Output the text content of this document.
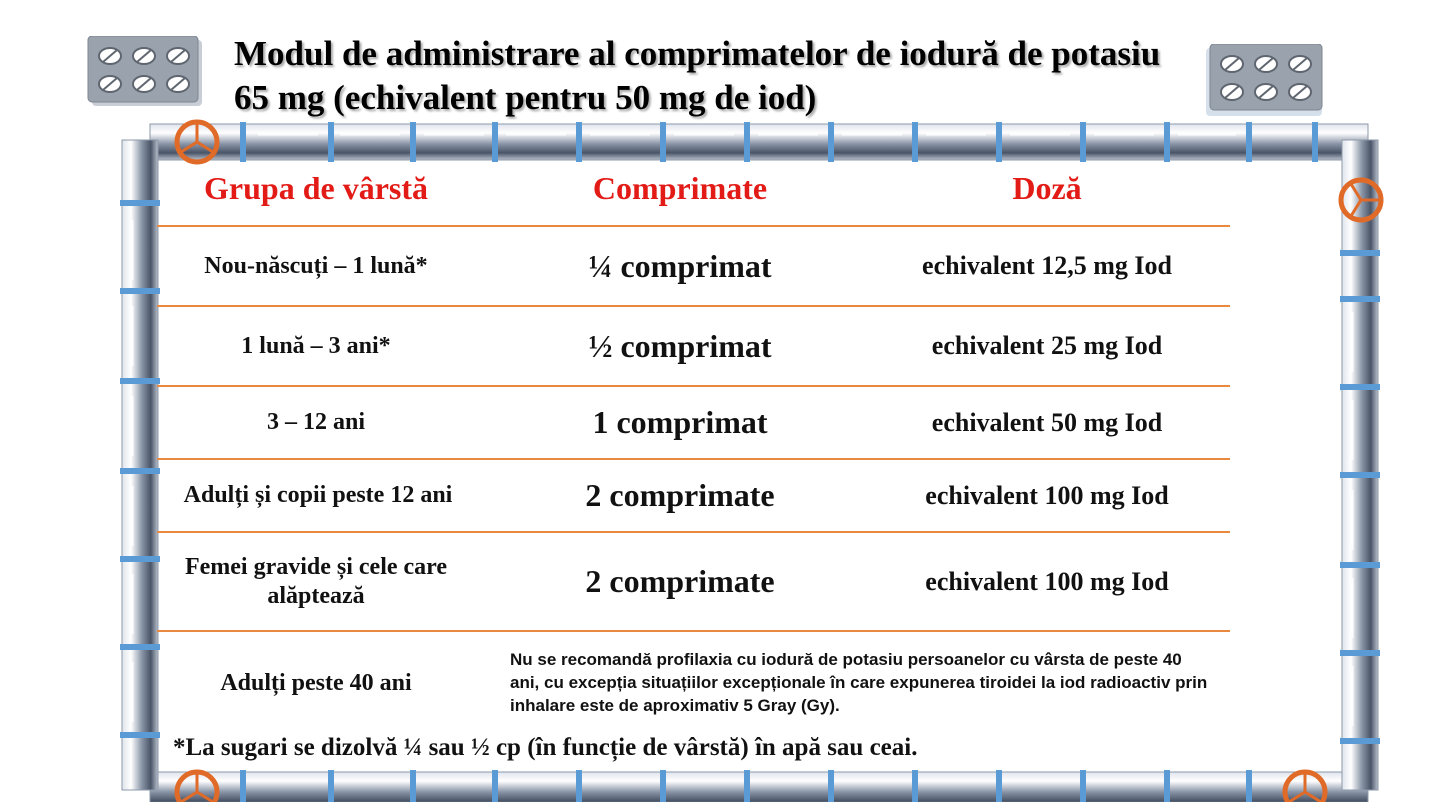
Modul de administrare al comprimatelor de iodură de potasiu 65 mg (echivalent pentru 50 mg de iod)
Grupa de vârstă	Comprimate	Doză
Nou-născuți – 1 lună*	¼ comprimat	echivalent 12,5 mg Iod
1 lună – 3 ani*	½ comprimat	echivalent 25 mg Iod
3 – 12 ani	1 comprimat	echivalent 50 mg Iod
Adulți și copii peste 12 ani	2 comprimate	echivalent 100 mg Iod
Femei gravide și cele care alăptează	2 comprimate	echivalent 100 mg Iod
Adulți peste 40 ani
Nu se recomandă profilaxia cu iodură de potasiu persoanelor cu vârsta de peste 40 ani, cu excepția situațiilor excepționale în care expunerea tiroidei la iod radioactiv prin inhalare este de aproximativ 5 Gray (Gy).
*La sugari se dizolvă ¼ sau ½ cp (în funcție de vârstă) în apă sau ceai.
